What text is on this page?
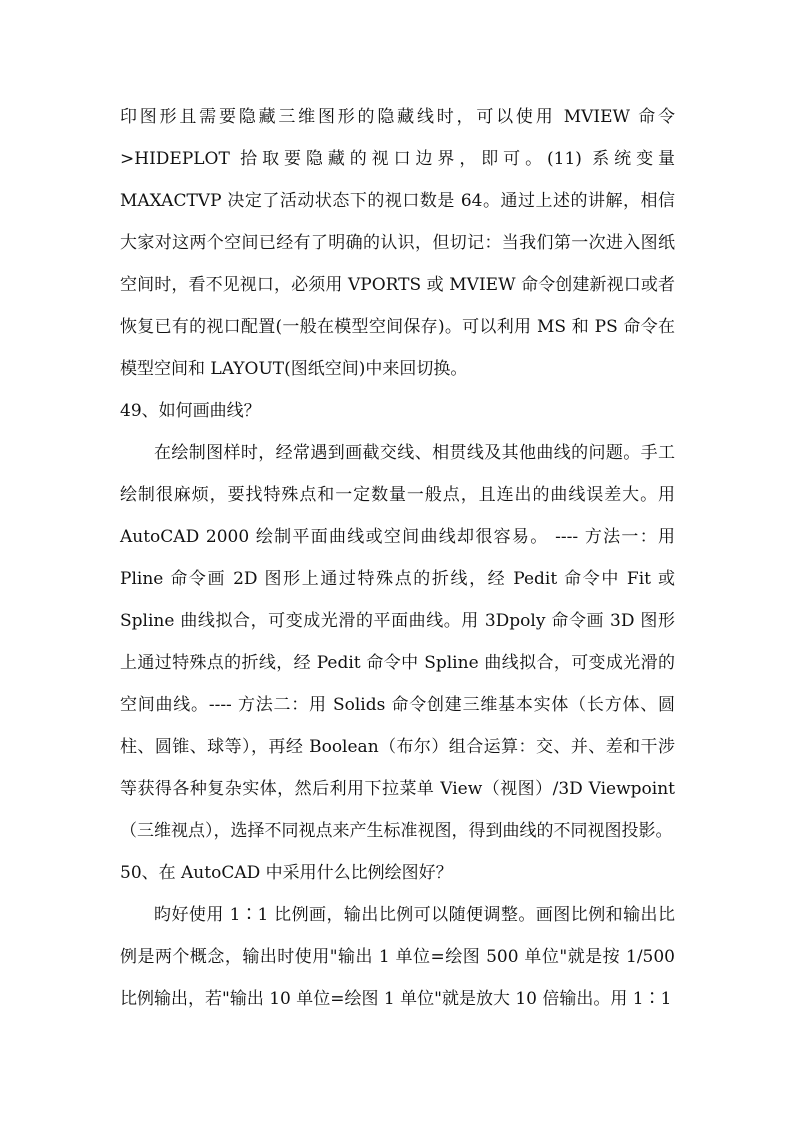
印图形且需要隐藏三维图形的隐藏线时，可以使用 MVIEW 命令>HIDEPLOT 拾取要隐藏的视口边界，即可。(11) 系统变量 MAXACTVP 决定了活动状态下的视口数是 64。通过上述的讲解，相信大家对这两个空间已经有了明确的认识，但切记：当我们第一次进入图纸空间时，看不见视口，必须用 VPORTS 或 MVIEW 命令创建新视口或者恢复已有的视口配置(一般在模型空间保存)。可以利用 MS 和 PS 命令在模型空间和 LAYOUT(图纸空间)中来回切换。

49、如何画曲线？

在绘制图样时，经常遇到画截交线、相贯线及其他曲线的问题。手工绘制很麻烦，要找特殊点和一定数量一般点，且连出的曲线误差大。用 AutoCAD 2000 绘制平面曲线或空间曲线却很容易。 ---- 方法一：用 Pline 命令画 2D 图形上通过特殊点的折线，经 Pedit 命令中 Fit 或 Spline 曲线拟合，可变成光滑的平面曲线。用 3Dpoly 命令画 3D 图形上通过特殊点的折线，经 Pedit 命令中 Spline 曲线拟合，可变成光滑的空间曲线。---- 方法二：用 Solids 命令创建三维基本实体（长方体、圆柱、圆锥、球等），再经 Boolean（布尔）组合运算：交、并、差和干涉等获得各种复杂实体，然后利用下拉菜单 View（视图）/3D Viewpoint（三维视点），选择不同视点来产生标准视图，得到曲线的不同视图投影。

50、在 AutoCAD 中采用什么比例绘图好？

昀好使用 1∶1 比例画，输出比例可以随便调整。画图比例和输出比例是两个概念，输出时使用"输出 1 单位=绘图 500 单位"就是按 1/500 比例输出，若"输出 10 单位=绘图 1 单位"就是放大 10 倍输出。用 1∶1
